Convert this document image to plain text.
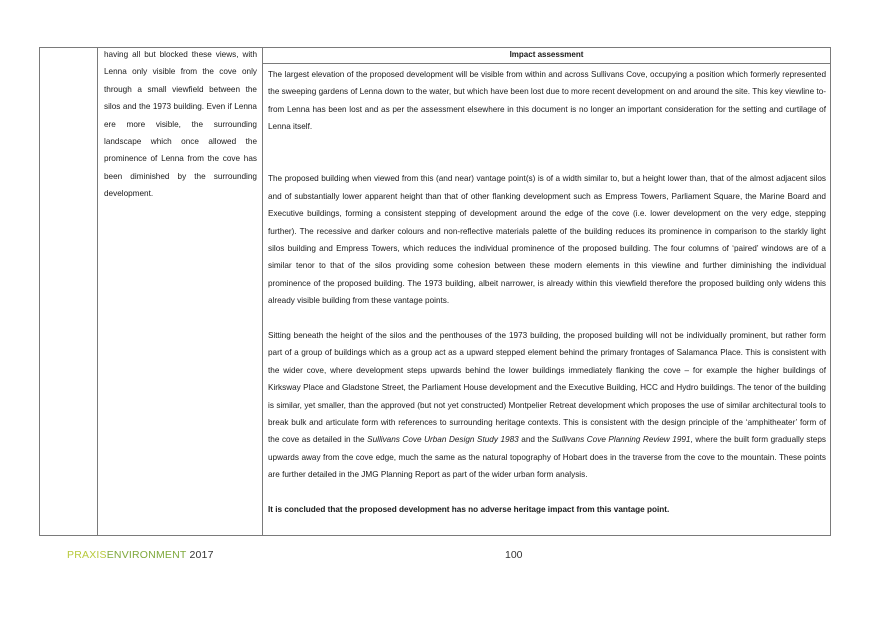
having all but blocked these views, with Lenna only visible from the cove only through a small viewfield between the silos and the 1973 building. Even if Lenna ere more visible, the surrounding landscape which once allowed the prominence of Lenna from the cove has been diminished by the surrounding development.
Impact assessment

The largest elevation of the proposed development will be visible from within and across Sullivans Cove, occupying a position which formerly represented the sweeping gardens of Lenna down to the water, but which have been lost due to more recent development on and around the site. This key viewline to-from Lenna has been lost and as per the assessment elsewhere in this document is no longer an important consideration for the setting and curtilage of Lenna itself.

The proposed building when viewed from this (and near) vantage point(s) is of a width similar to, but a height lower than, that of the almost adjacent silos and of substantially lower apparent height than that of other flanking development such as Empress Towers, Parliament Square, the Marine Board and Executive buildings, forming a consistent stepping of development around the edge of the cove (i.e. lower development on the very edge, stepping further). The recessive and darker colours and non-reflective materials palette of the building reduces its prominence in comparison to the starkly light silos building and Empress Towers, which reduces the individual prominence of the proposed building. The four columns of ‘paired’ windows are of a similar tenor to that of the silos providing some cohesion between these modern elements in this viewline and further diminishing the individual prominence of the proposed building. The 1973 building, albeit narrower, is already within this viewfield therefore the proposed building only widens this already visible building from these vantage points.

Sitting beneath the height of the silos and the penthouses of the 1973 building, the proposed building will not be individually prominent, but rather form part of a group of buildings which as a group act as a upward stepped element behind the primary frontages of Salamanca Place. This is consistent with the wider cove, where development steps upwards behind the lower buildings immediately flanking the cove – for example the higher buildings of Kirksway Place and Gladstone Street, the Parliament House development and the Executive Building, HCC and Hydro buildings. The tenor of the building is similar, yet smaller, than the approved (but not yet constructed) Montpelier Retreat development which proposes the use of similar architectural tools to break bulk and articulate form with references to surrounding heritage contexts. This is consistent with the design principle of the ‘amphitheater’ form of the cove as detailed in the Sullivans Cove Urban Design Study 1983 and the Sullivans Cove Planning Review 1991, where the built form gradually steps upwards away from the cove edge, much the same as the natural topography of Hobart does in the traverse from the cove to the mountain. These points are further detailed in the JMG Planning Report as part of the wider urban form analysis.

It is concluded that the proposed development has no adverse heritage impact from this vantage point.

PRAXISENVIRONMENT 2017	100
